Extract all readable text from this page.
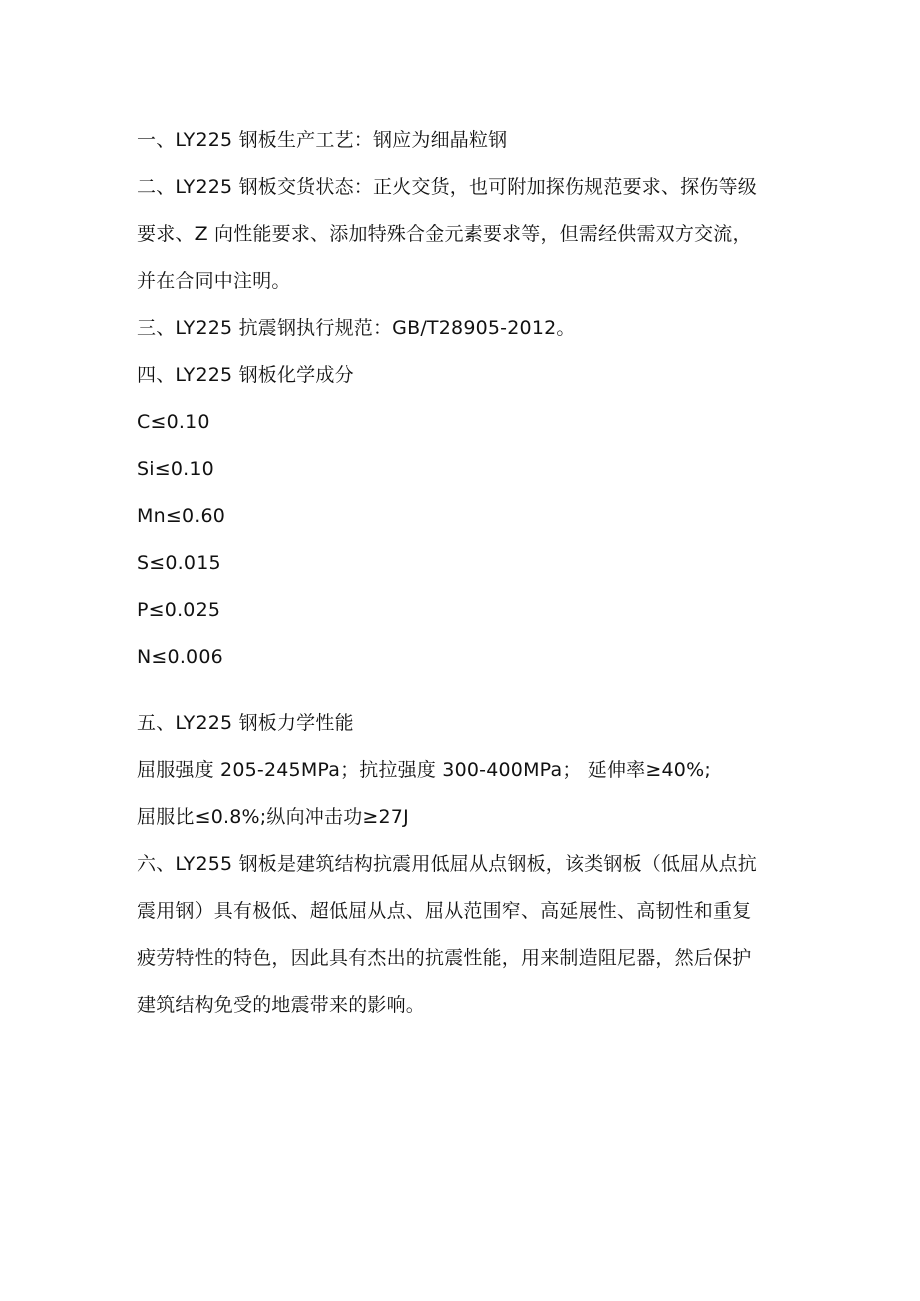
一、LY225 钢板生产工艺：钢应为细晶粒钢
二、LY225 钢板交货状态：正火交货，也可附加探伤规范要求、探伤等级
要求、Z 向性能要求、添加特殊合金元素要求等，但需经供需双方交流，
并在合同中注明。
三、LY225 抗震钢执行规范：GB/T28905-2012。
四、LY225 钢板化学成分
C≤0.10
Si≤0.10
Mn≤0.60
S≤0.015
P≤0.025
N≤0.006
五、LY225 钢板力学性能
屈服强度 205-245MPa；抗拉强度 300-400MPa； 延伸率≥40%;
屈服比≤0.8%;纵向冲击功≥27J
六、LY255 钢板是建筑结构抗震用低屈从点钢板，该类钢板（低屈从点抗
震用钢）具有极低、超低屈从点、屈从范围窄、高延展性、高韧性和重复
疲劳特性的特色，因此具有杰出的抗震性能，用来制造阻尼器，然后保护
建筑结构免受的地震带来的影响。
